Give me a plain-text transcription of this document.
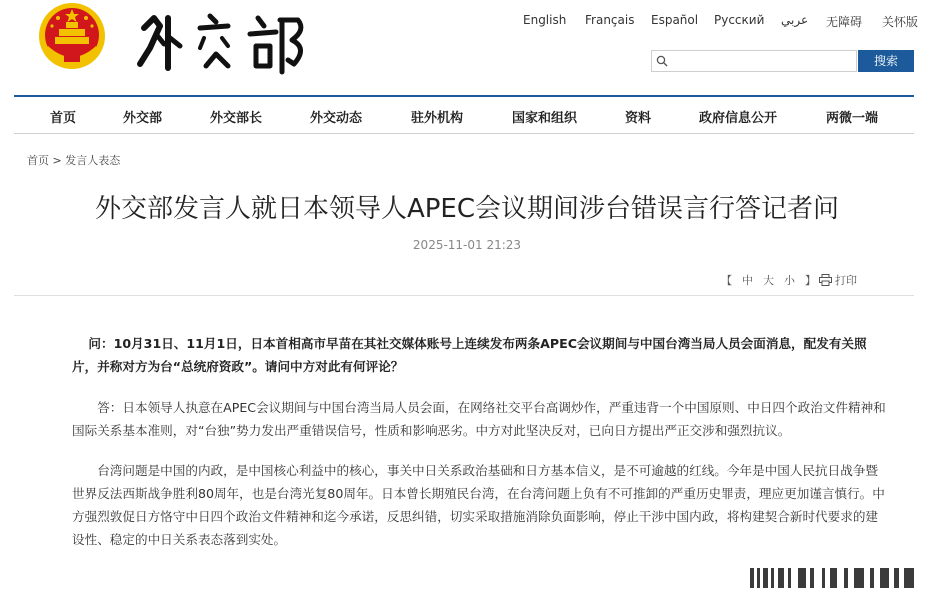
English Français Español Русский عربي 无障碍 关怀版
搜索
首页	外交部	外交部长	外交动态	驻外机构	国家和组织	资料	政府信息公开	两微一端
首页 > 发言人表态
外交部发言人就日本领导人APEC会议期间涉台错误言行答记者问
2025-11-01 21:23
【 中 大 小 】	打印
问：10月31日、11月1日，日本首相高市早苗在其社交媒体账号上连续发布两条APEC会议期间与中国台湾当局人员会面消息，配发有关照片，并称对方为台“总统府资政”。请问中方对此有何评论？
答：日本领导人执意在APEC会议期间与中国台湾当局人员会面，在网络社交平台高调炒作，严重违背一个中国原则、中日四个政治文件精神和国际关系基本准则，对“台独”势力发出严重错误信号，性质和影响恶劣。中方对此坚决反对，已向日方提出严正交涉和强烈抗议。
台湾问题是中国的内政，是中国核心利益中的核心，事关中日关系政治基础和日方基本信义，是不可逾越的红线。今年是中国人民抗日战争暨世界反法西斯战争胜利80周年，也是台湾光复80周年。日本曾长期殖民台湾，在台湾问题上负有不可推卸的严重历史罪责，理应更加谨言慎行。中方强烈敦促日方恪守中日四个政治文件精神和迄今承诺，反思纠错，切实采取措施消除负面影响，停止干涉中国内政，将构建契合新时代要求的建设性、稳定的中日关系表态落到实处。
